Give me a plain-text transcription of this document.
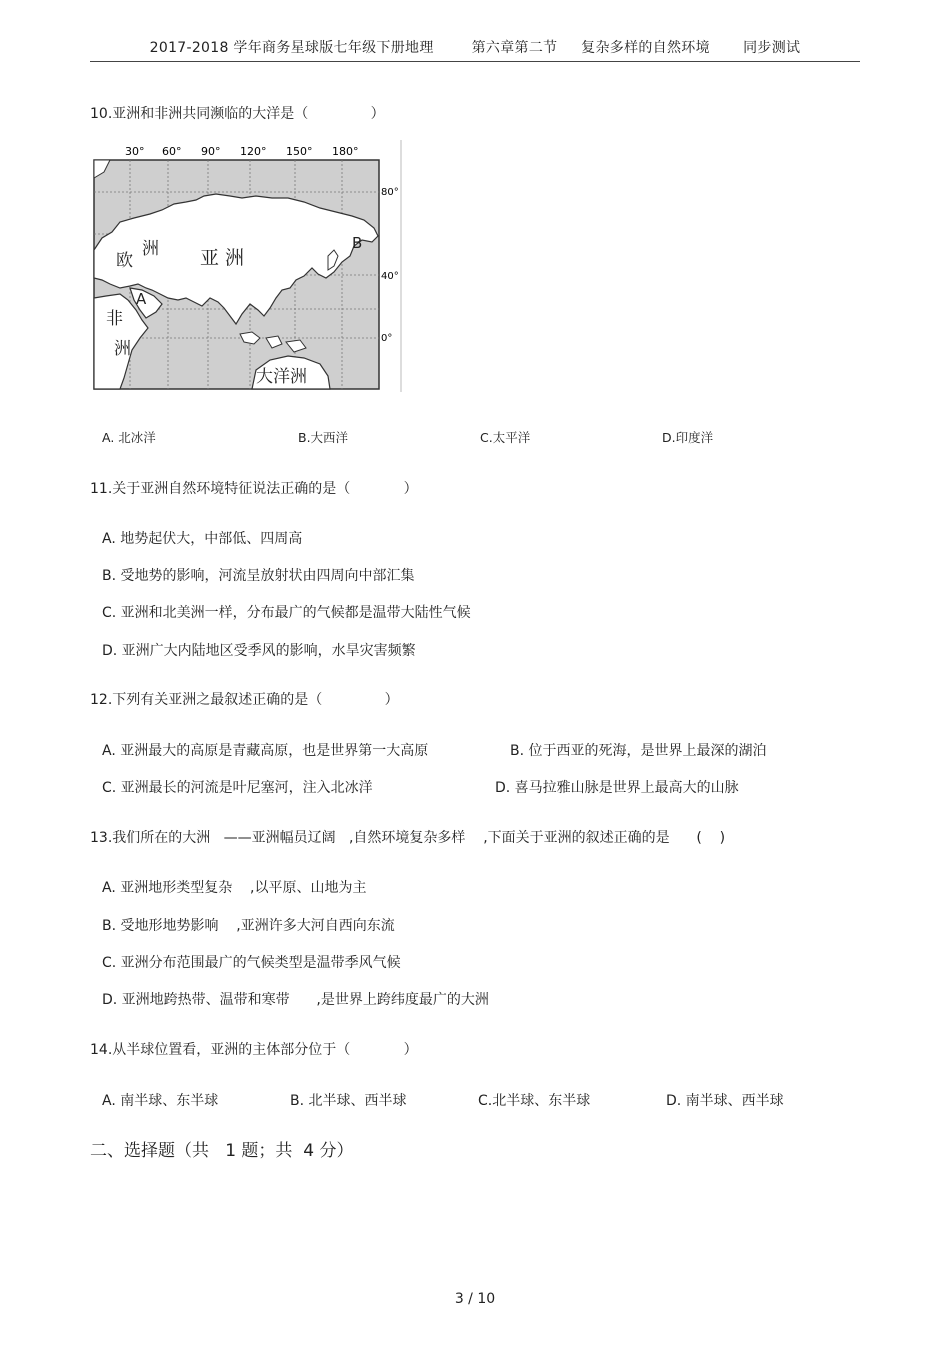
2017-2018 学年商务星球版七年级下册地理        第六章第二节     复杂多样的自然环境       同步测试
10.亚洲和非洲共同濒临的大洋是（              ）
30° 60° 90° 120° 150° 180°
80°
40°
0°
欧
洲 亚 洲
非
洲
大洋洲
A
B
A. 北冰洋	B.大西洋	C.太平洋	D.印度洋
11.关于亚洲自然环境特征说法正确的是（            ）
A. 地势起伏大，中部低、四周高
B. 受地势的影响，河流呈放射状由四周向中部汇集
C. 亚洲和北美洲一样，分布最广的气候都是温带大陆性气候
D. 亚洲广大内陆地区受季风的影响，水旱灾害频繁
12.下列有关亚洲之最叙述正确的是（              ）
A. 亚洲最大的高原是青藏高原，也是世界第一大高原	B. 位于西亚的死海，是世界上最深的湖泊
C. 亚洲最长的河流是叶尼塞河，注入北冰洋	D. 喜马拉雅山脉是世界上最高大的山脉
13.我们所在的大洲   ——亚洲幅员辽阔   ,自然环境复杂多样    ,下面关于亚洲的叙述正确的是      (    )
A. 亚洲地形类型复杂    ,以平原、山地为主
B. 受地形地势影响    ,亚洲许多大河自西向东流
C. 亚洲分布范围最广的气候类型是温带季风气候
D. 亚洲地跨热带、温带和寒带      ,是世界上跨纬度最广的大洲
14.从半球位置看，亚洲的主体部分位于（            ）
A. 南半球、东半球	B. 北半球、西半球	C.北半球、东半球	D. 南半球、西半球
二、选择题（共   1 题；共  4 分）
3 / 10
